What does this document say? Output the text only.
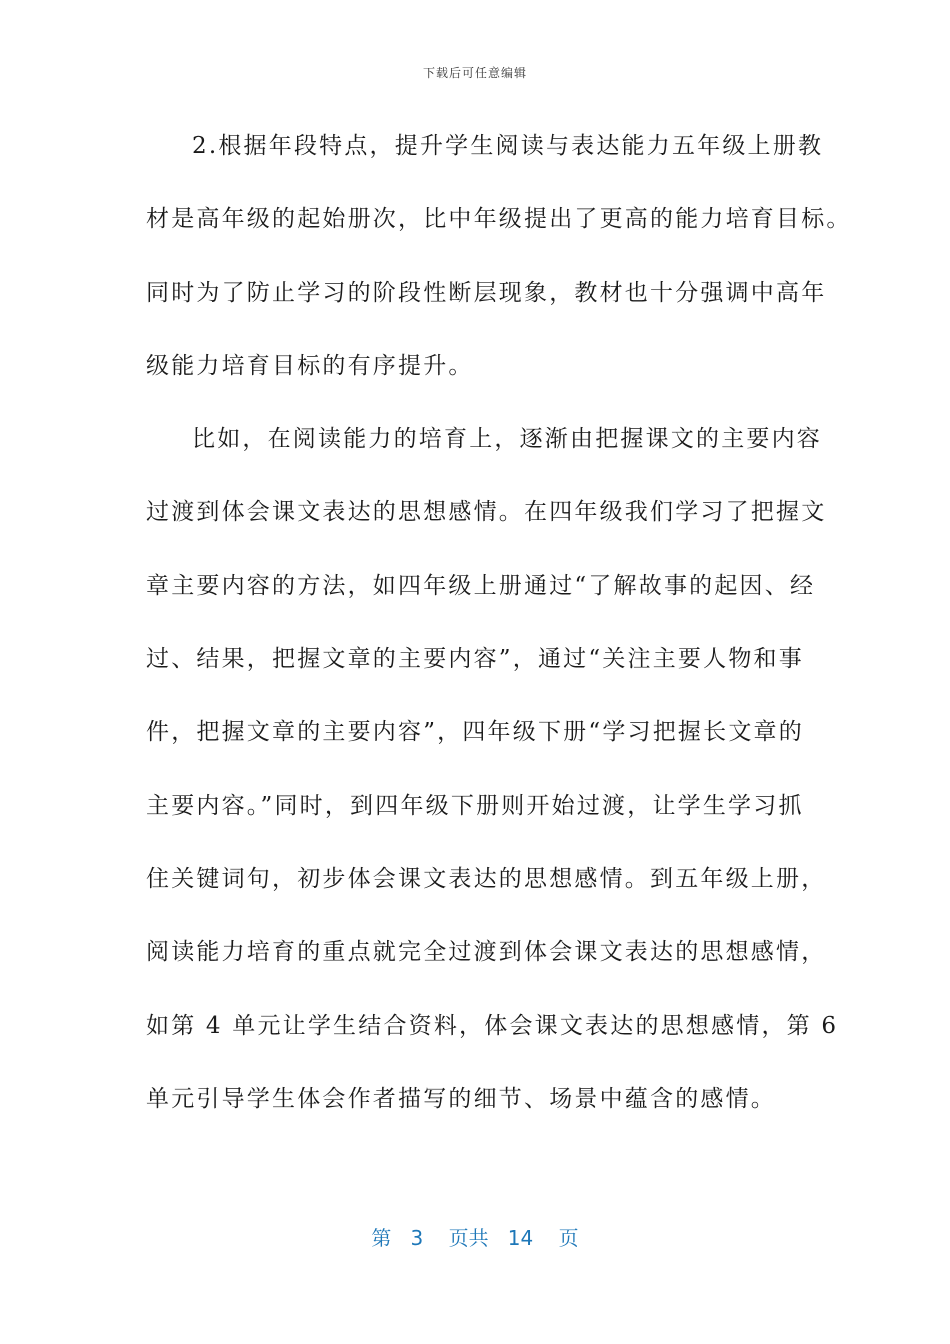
下载后可任意编辑
2.根据年段特点，提升学生阅读与表达能力五年级上册教
材是高年级的起始册次，比中年级提出了更高的能力培育目标。
同时为了防止学习的阶段性断层现象，教材也十分强调中高年
级能力培育目标的有序提升。
比如，在阅读能力的培育上，逐渐由把握课文的主要内容
过渡到体会课文表达的思想感情。在四年级我们学习了把握文
章主要内容的方法，如四年级上册通过“了解故事的起因、经
过、结果，把握文章的主要内容”，通过“关注主要人物和事
件，把握文章的主要内容”，四年级下册“学习把握长文章的
主要内容。”同时，到四年级下册则开始过渡，让学生学习抓
住关键词句，初步体会课文表达的思想感情。到五年级上册，
阅读能力培育的重点就完全过渡到体会课文表达的思想感情，
如第 4 单元让学生结合资料，体会课文表达的思想感情，第 6
单元引导学生体会作者描写的细节、场景中蕴含的感情。
第 3 页共 14 页
